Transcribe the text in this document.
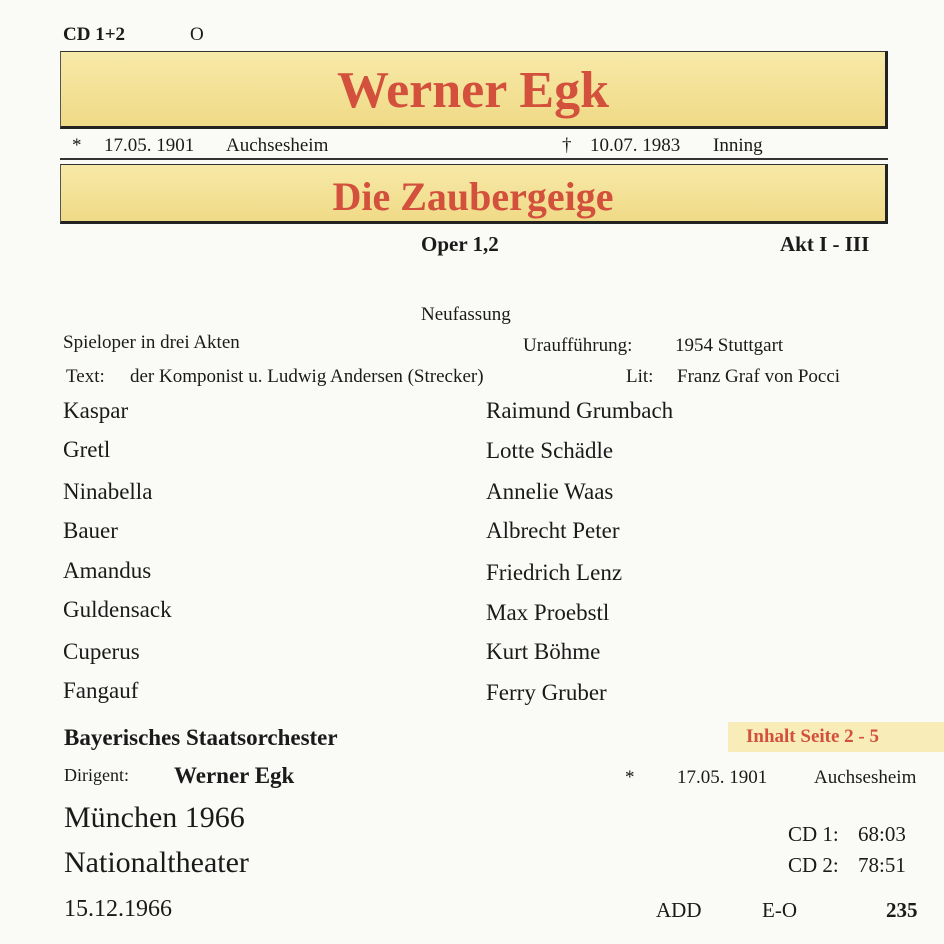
CD 1+2	O
Werner Egk
* 17.05. 1901 Auchsesheim	† 10.07. 1983 Inning
Die Zaubergeige
Oper 1,2	Akt I - III
Neufassung
Spieloper in drei Akten	Uraufführung: 1954 Stuttgart
Text: der Komponist u. Ludwig Andersen (Strecker)	Lit: Franz Graf von Pocci
Kaspar	Raimund Grumbach
Gretl	Lotte Schädle
Ninabella	Annelie Waas
Bauer	Albrecht Peter
Amandus	Friedrich Lenz
Guldensack	Max Proebstl
Cuperus	Kurt Böhme
Fangauf	Ferry Gruber
Bayerisches Staatsorchester	Inhalt Seite 2 - 5
Dirigent: Werner Egk	* 17.05. 1901 Auchsesheim
München 1966
Nationaltheater
15.12.1966
CD 1: 68:03
CD 2: 78:51
ADD	E-O	235
